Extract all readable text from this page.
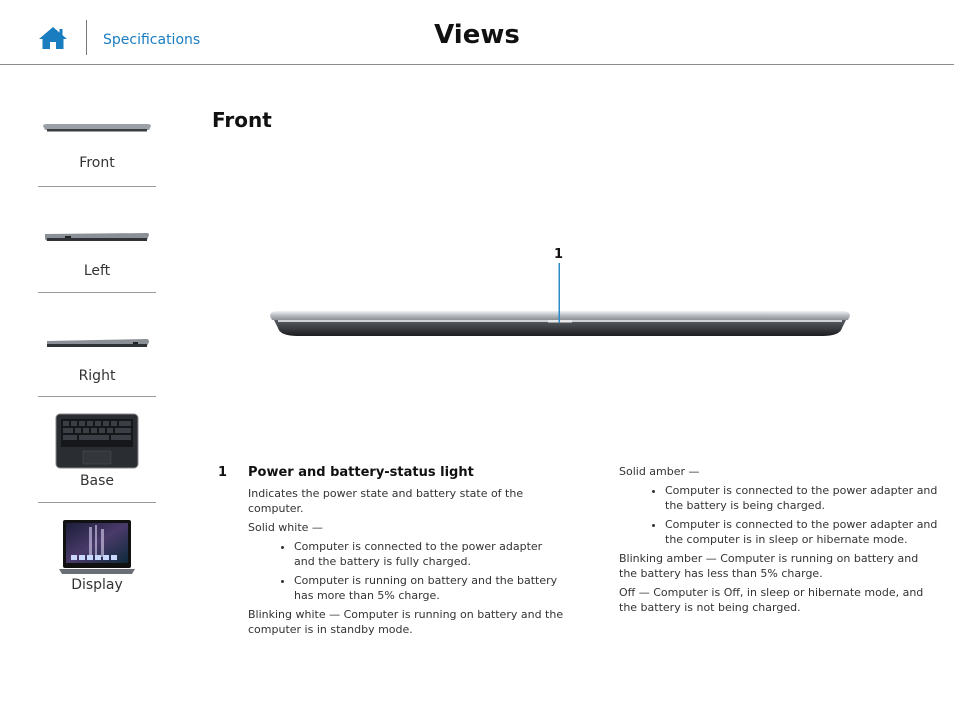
Specifications	Views
Front
Left
Right
Base
Display
Front
1
1 Power and battery-status light

Indicates the power state and battery state of the computer.

Solid white —

• Computer is connected to the power adapter and the battery is fully charged.
• Computer is running on battery and the battery has more than 5% charge.

Blinking white — Computer is running on battery and the computer is in standby mode.

Solid amber —

• Computer is connected to the power adapter and the battery is being charged.
• Computer is connected to the power adapter and the computer is in sleep or hibernate mode.

Blinking amber — Computer is running on battery and the battery has less than 5% charge.

Off — Computer is Off, in sleep or hibernate mode, and the battery is not being charged.
